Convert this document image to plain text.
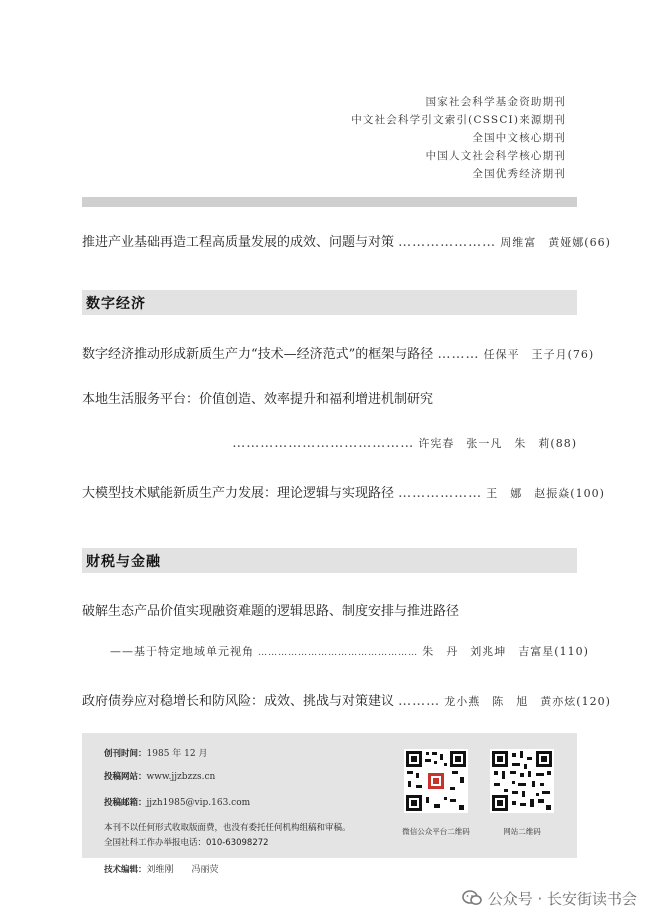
国家社会科学基金资助期刊
中文社会科学引文索引(CSSCI)来源期刊
全国中文核心期刊
中国人文社会科学核心期刊
全国优秀经济期刊
推进产业基础再造工程高质量发展的成效、问题与对策 ………………… 周维富　黄娅娜(66)
数字经济
数字经济推动形成新质生产力“技术—经济范式”的框架与路径 ……… 任保平　王子月(76)
本地生活服务平台：价值创造、效率提升和福利增进机制研究
………………………………… 许宪春　张一凡　朱　莉(88)
大模型技术赋能新质生产力发展：理论逻辑与实现路径 ……………… 王　娜　赵振焱(100)
财税与金融
破解生态产品价值实现融资难题的逻辑思路、制度安排与推进路径
——基于特定地域单元视角 ………………………………………… 朱　丹　刘兆坤　吉富星(110)
政府债券应对稳增长和防风险：成效、挑战与对策建议 ……… 龙小燕　陈　旭　黄亦炫(120)
创刊时间：1985 年 12 月
投稿网站：www.jjzbzzs.cn
投稿邮箱：jjzh1985@vip.163.com
本刊不以任何形式收取版面费，也没有委托任何机构组稿和审稿。
全国社科工作办举报电话：010-63098272
微信公众平台二维码	网站二维码
技术编辑：刘维刚　　冯丽荧
公众号 · 长安街读书会
